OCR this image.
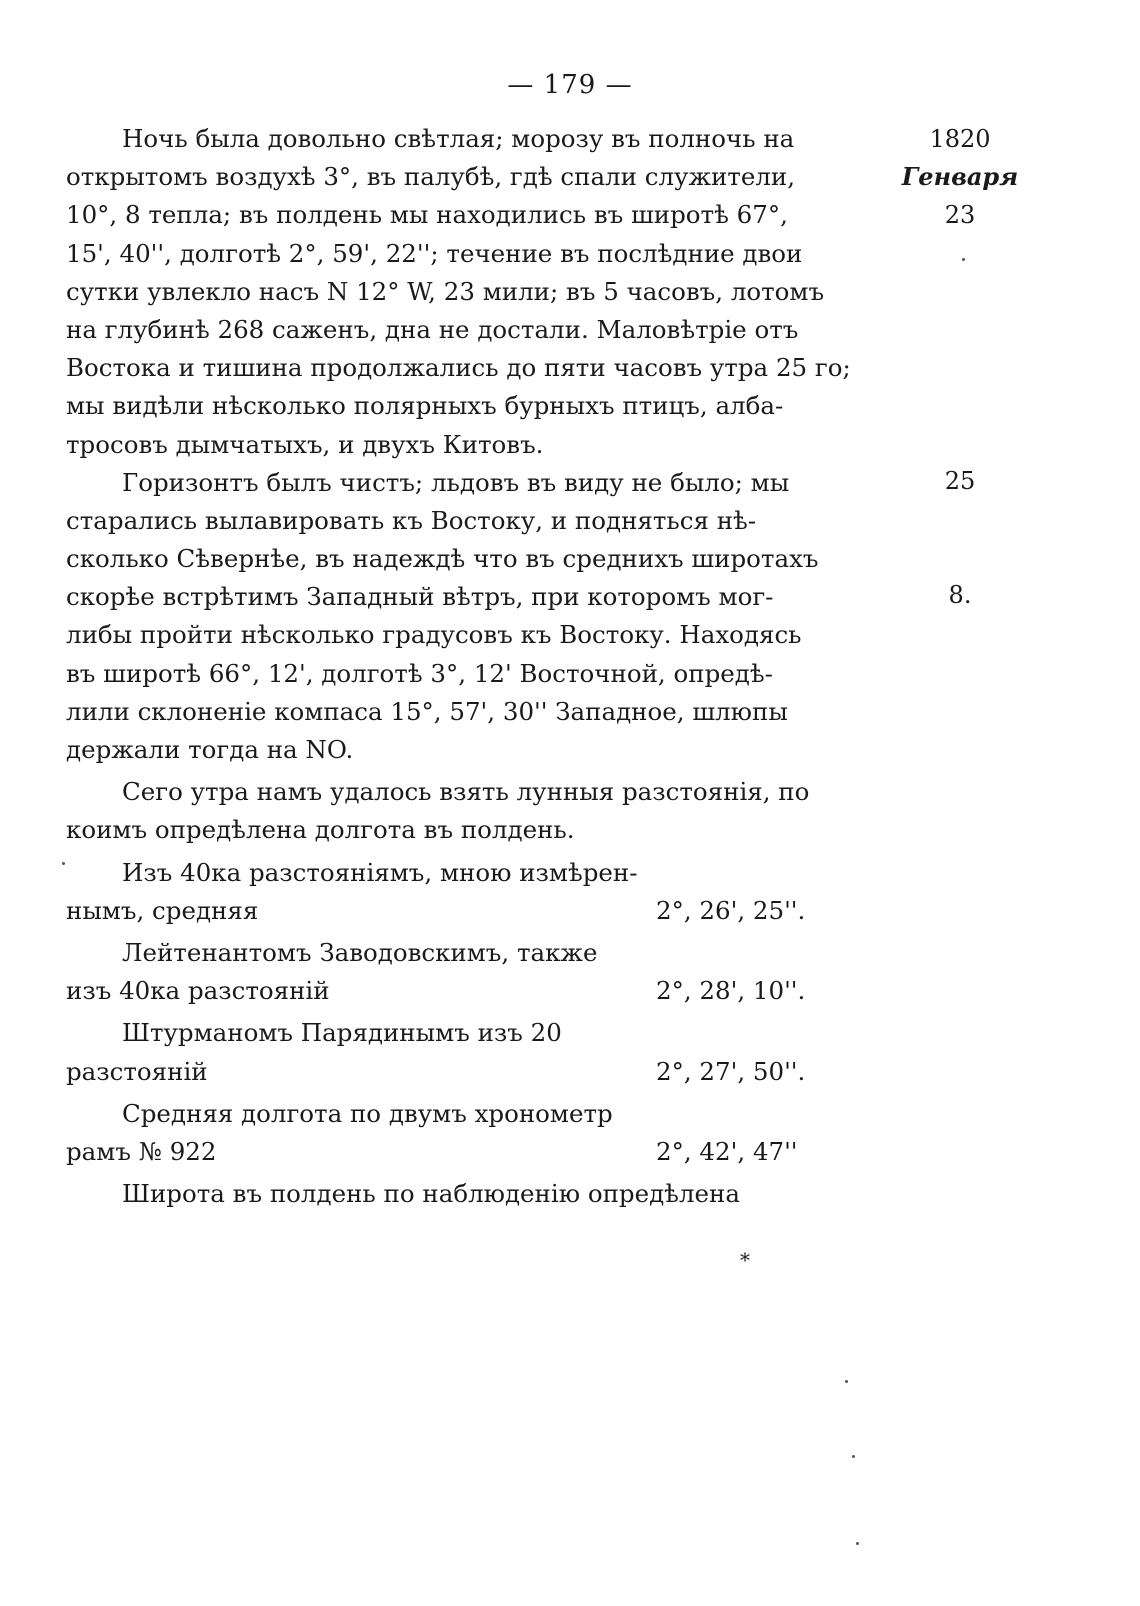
— 179 —
1820
Генваря
23
25
8.
Ночь была довольно свѣтлая; морозу въ полночь на
открытомъ воздухѣ 3°, въ палубѣ, гдѣ спали служители,
10°, 8 тепла; въ полдень мы находились въ широтѣ 67°,
15', 40'', долготѣ 2°, 59', 22''; течение въ послѣдние двои
сутки увлекло насъ N 12° W, 23 мили; въ 5 часовъ, лотомъ
на глубинѣ 268 саженъ, дна не достали. Маловѣтріе отъ
Востока и тишина продолжались до пяти часовъ утра 25 го;
мы видѣли нѣсколько полярныхъ бурныхъ птицъ, алба-
тросовъ дымчатыхъ, и двухъ Китовъ.
Горизонтъ былъ чистъ; льдовъ въ виду не было; мы
старались вылавировать къ Востоку, и подняться нѣ-
сколько Сѣвернѣе, въ надеждѣ что въ среднихъ широтахъ
скорѣе встрѣтимъ Западный вѣтръ, при которомъ мог-
либы пройти нѣсколько градусовъ къ Востоку. Находясь
въ широтѣ 66°, 12', долготѣ 3°, 12' Восточной, опредѣ-
лили склоненіе компаса 15°, 57', 30'' Западное, шлюпы
держали тогда на NO.
Сего утра намъ удалось взять лунныя разстоянія, по
коимъ опредѣлена долгота въ полдень.
Изъ 40ка разстояніямъ, мною измѣрен-
нымъ, средняя	2°, 26', 25''.
Лейтенантомъ Заводовскимъ, также
изъ 40ка разстояній	2°, 28', 10''.
Штурманомъ Парядинымъ изъ 20
разстояній	2°, 27', 50''.
Средняя долгота по двумъ хронометр
рамъ № 922	2°, 42', 47''
Широта въ полдень по наблюденію опредѣлена
*
